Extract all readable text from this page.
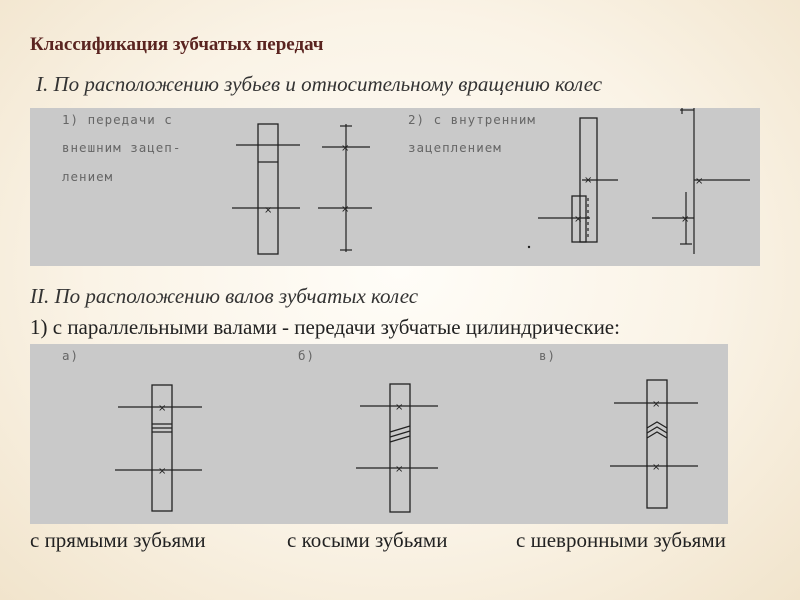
Классификация зубчатых передач
I. По расположению зубьев и относительному вращению колес
II. По расположению валов зубчатых колес
1) с параллельными валами - передачи зубчатые цилиндрические:
с прямыми зубьями	с косыми зубьями	с шевронными зубьями
1) передачи с
внешним зацеп-
лением
2) с внутренним
зацеплением
×
×
×
×
×
×
×
а)	б)	в)
×
×
×
×
×
×
